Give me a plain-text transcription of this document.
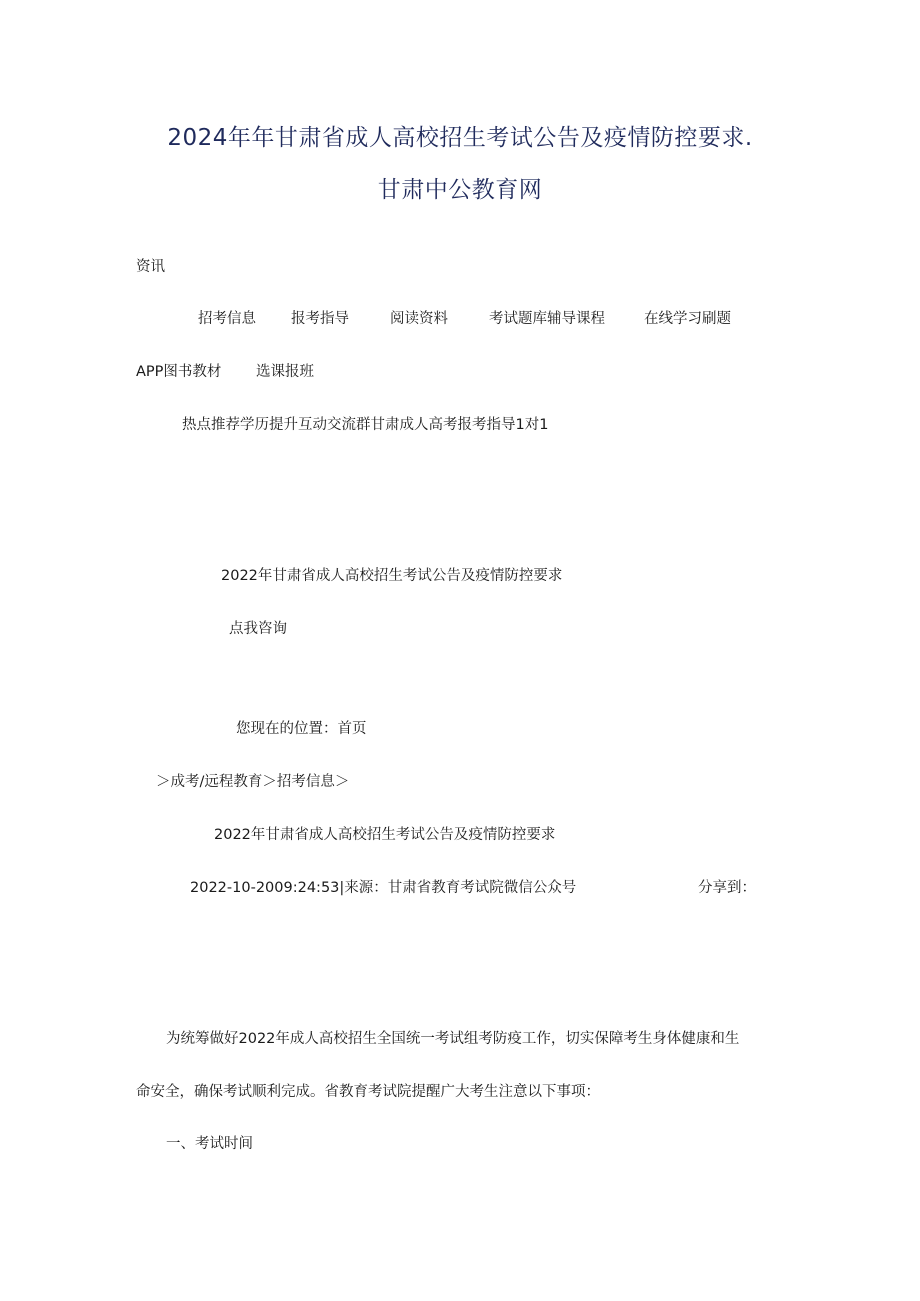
2024年年甘肃省成人高校招生考试公告及疫情防控要求.
甘肃中公教育网
资讯
招考信息 报考指导	阅读资料	考试题库辅导课程	在线学习刷题
APP图书教材 选课报班
热点推荐学历提升互动交流群甘肃成人高考报考指导1对1
2022年甘肃省成人高校招生考试公告及疫情防控要求
点我咨询
您现在的位置：首页
＞成考/远程教育＞招考信息＞
2022年甘肃省成人高校招生考试公告及疫情防控要求
2022-10-2009:24:53|来源：甘肃省教育考试院微信公众号	分享到：
为统筹做好2022年成人高校招生全国统一考试组考防疫工作，切实保障考生身体健康和生
命安全，确保考试顺利完成。省教育考试院提醒广大考生注意以下事项：
一、考试时间
